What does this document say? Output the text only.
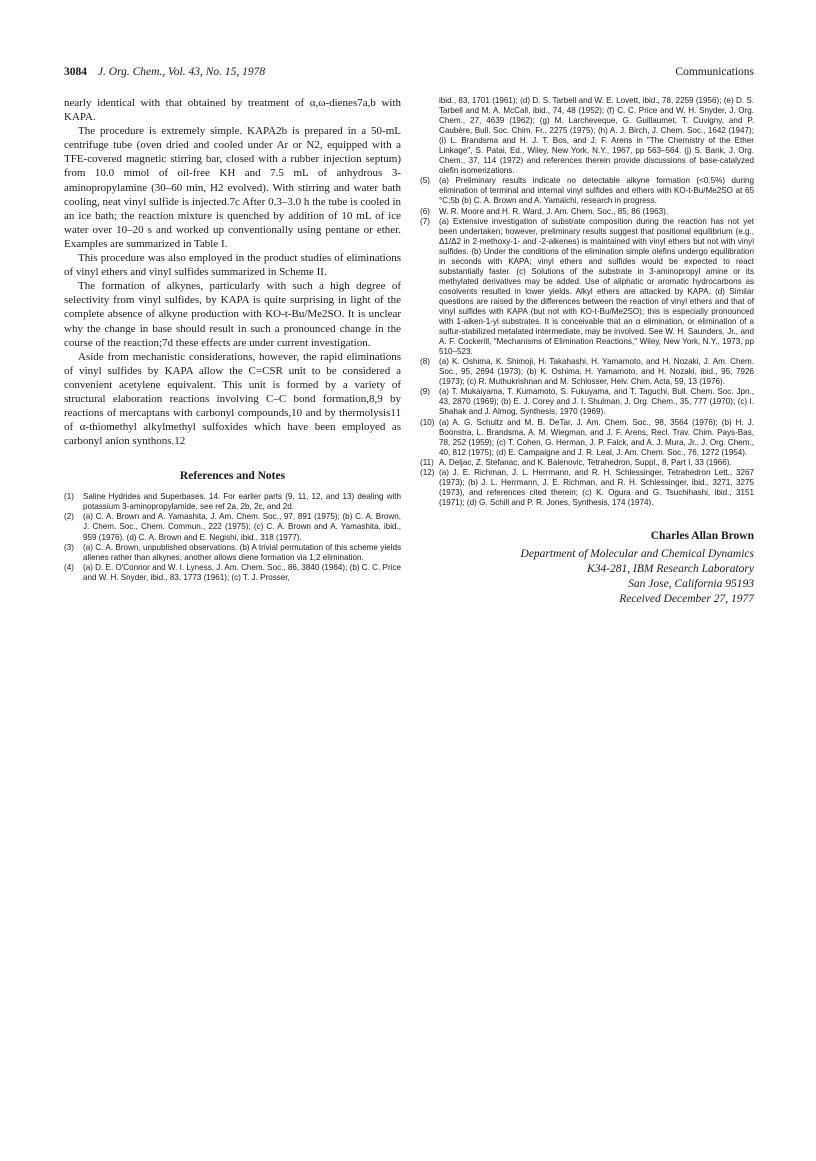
3084 J. Org. Chem., Vol. 43, No. 15, 1978	Communications

nearly identical with that obtained by treatment of α,ω-dienes7a,b with KAPA.

The procedure is extremely simple. KAPA2b is prepared in a 50-mL centrifuge tube (oven dried and cooled under Ar or N2, equipped with a TFE-covered magnetic stirring bar, closed with a rubber injection septum) from 10.0 mmol of oil-free KH and 7.5 mL of anhydrous 3-aminopropylamine (30–60 min, H2 evolved). With stirring and water bath cooling, neat vinyl sulfide is injected.7c After 0.3–3.0 h the tube is cooled in an ice bath; the reaction mixture is quenched by addition of 10 mL of ice water over 10–20 s and worked up conventionally using pentane or ether. Examples are summarized in Table I.

This procedure was also employed in the product studies of eliminations of vinyl ethers and vinyl sulfides summarized in Scheme II.

The formation of alkynes, particularly with such a high degree of selectivity from vinyl sulfides, by KAPA is quite surprising in light of the complete absence of alkyne production with KO-t-Bu/Me2SO. It is unclear why the change in base should result in such a pronounced change in the course of the reaction;7d these effects are under current investigation.

Aside from mechanistic considerations, however, the rapid eliminations of vinyl sulfides by KAPA allow the C=CSR unit to be considered a convenient acetylene equivalent. This unit is formed by a variety of structural elaboration reactions involving C–C bond formation,8,9 by reactions of mercaptans with carbonyl compounds,10 and by thermolysis11 of α-thiomethyl alkylmethyl sulfoxides which have been employed as carbonyl anion synthons.12

References and Notes
(1)	Saline Hydrides and Superbases. 14. For earlier parts (9, 11, 12, and 13) dealing with potassium 3-aminopropylamide, see ref 2a, 2b, 2c, and 2d.
(2)	(a) C. A. Brown and A. Yamashita, J. Am. Chem. Soc., 97, 891 (1975); (b) C. A. Brown, J. Chem. Soc., Chem. Commun., 222 (1975); (c) C. A. Brown and A. Yamashita, ibid., 959 (1976). (d) C. A. Brown and E. Negishi, ibid., 318 (1977).
(3)	(a) C. A. Brown, unpublished observations. (b) A trivial permutation of this scheme yields allenes rather than alkynes; another allows diene formation via 1,2 elimination.
(4)	(a) D. E. O'Connor and W. I. Lyness, J. Am. Chem. Soc., 86, 3840 (1964); (b) C. C. Price and W. H. Snyder, ibid., 83, 1773 (1961); (c) T. J. Prosser,
ibid., 83, 1701 (1961); (d) D. S. Tarbell and W. E. Lovett, ibid., 78, 2259 (1956); (e) D. S. Tarbell and M. A. McCall, ibid., 74, 48 (1952); (f) C. C. Price and W. H. Snyder, J. Org. Chem., 27, 4639 (1962); (g) M. Larcheveque, G. Guillaumet, T. Cuvigny, and P. Caubère, Bull. Soc. Chim. Fr., 2275 (1975); (h) A. J. Birch, J. Chem. Soc., 1642 (1947); (i) L. Brandsma and H. J. T. Bos, and J. F. Arens in "The Chemistry of the Ether Linkage", S. Patai, Ed., Wiley, New York, N.Y., 1967, pp 563–564. (j) S. Bank, J. Org. Chem., 37, 114 (1972) and references therein provide discussions of base-catalyzed olefin isomerizations.
(5)	(a) Preliminary results indicate no detectable alkyne formation (<0.5%) during elimination of terminal and internal vinyl sulfides and ethers with KO-t-Bu/Me2SO at 65 °C;5b (b) C. A. Brown and A. Yamaichi, research in progress.
(6)	W. R. Moore and H. R. Ward, J. Am. Chem. Soc., 85, 86 (1963).
(7)	(a) Extensive investigation of substrate composition during the reaction has not yet been undertaken; however, preliminary results suggest that positional equilibrium (e.g., Δ1/Δ2 in 2-methoxy-1- and -2-alkenes) is maintained with vinyl ethers but not with vinyl sulfides. (b) Under the conditions of the elimination simple olefins undergo equilibration in seconds with KAPA; vinyl ethers and sulfides would be expected to react substantially faster. (c) Solutions of the substrate in 3-aminopropyl amine or its methylated derivatives may be added. Use of aliphatic or aromatic hydrocarbons as cosolvents resulted in lower yields. Alkyl ethers are attacked by KAPA. (d) Similar questions are raised by the differences between the reaction of vinyl ethers and that of vinyl sulfides with KAPA (but not with KO-t-Bu/Me2SO); this is especially pronounced with 1-alken-1-yl substrates. It is conceivable that an α elimination, or elimination of a sulfur-stabilized metalated intermediate, may be involved. See W. H. Saunders, Jr., and A. F. Cockerill, "Mechanisms of Elimination Reactions," Wiley, New York, N.Y., 1973, pp 510–523.
(8)	(a) K. Oshima, K. Shimoji, H. Takahashi, H. Yamamoto, and H. Nozaki, J. Am. Chem. Soc., 95, 2694 (1973); (b) K. Oshima, H. Yamamoto, and H. Nozaki, ibid., 95, 7926 (1973); (c) R. Muthukrishnan and M. Schlosser, Helv. Chim. Acta, 59, 13 (1976).
(9)	(a) T. Mukaiyama, T. Kumamoto, S. Fukuyama, and T. Taguchi, Bull. Chem. Soc. Jpn., 43, 2870 (1969); (b) E. J. Corey and J. I. Shulman, J. Org. Chem., 35, 777 (1970); (c) I. Shahak and J. Almog, Synthesis, 1970 (1969).
(10) (a) A. G. Schultz and M. B. DeTar, J. Am. Chem. Soc., 98, 3564 (1976); (b) H. J. Boonstra, L. Brandsma, A. M. Wiegman, and J. F. Arens, Recl. Trav. Chim. Pays-Bas, 78, 252 (1959); (c) T. Cohen, G. Herman, J. P. Falck, and A. J. Mura, Jr., J. Org. Chem., 40, 812 (1975); (d) E. Campaigne and J. R. Leal, J. Am. Chem. Soc., 76, 1272 (1954).
(11) A. Deljac, Z. Stefanac, and K. Balenovic, Tetrahedron, Suppl., 8, Part I, 33 (1966).
(12) (a) J. E. Richman, J. L. Herrmann, and R. H. Schlessinger, Tetrahedron Lett., 3267 (1973); (b) J. L. Herrmann, J. E. Richman, and R. H. Schlessinger, ibid., 3271, 3275 (1973), and references cited therein; (c) K. Ogura and G. Tsuchihashi, ibid., 3151 (1971); (d) G. Schill and P. R. Jones, Synthesis, 174 (1974).
Charles Allan Brown
Department of Molecular and Chemical Dynamics
K34-281, IBM Research Laboratory
San Jose, California 95193
Received December 27, 1977
